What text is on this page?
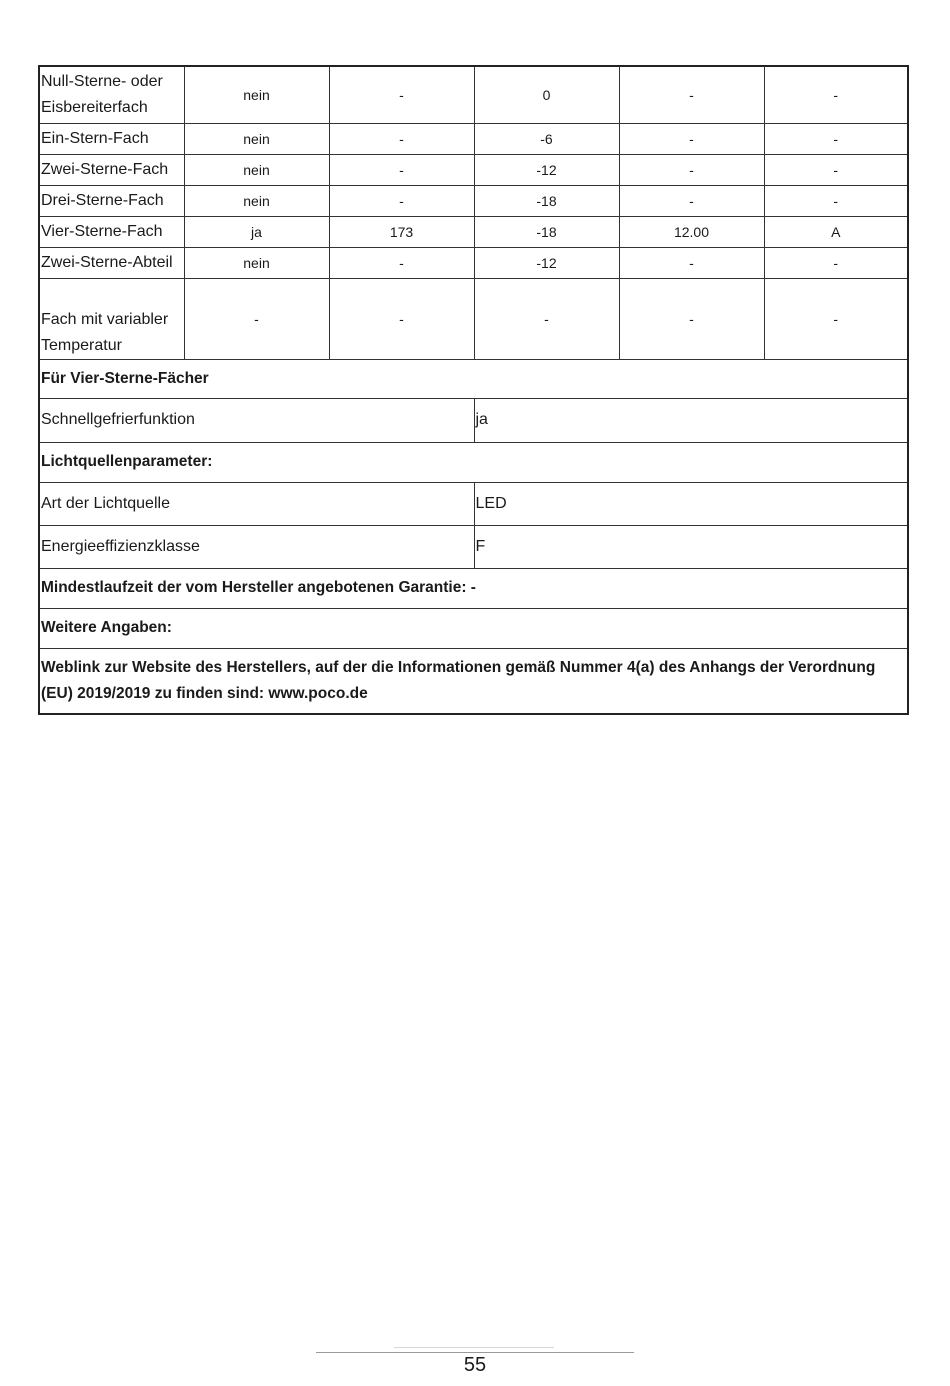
Null-Sterne- oder Eisbereiterfach	nein	-	0	-	-
Ein-Stern-Fach	nein	-	-6	-	-
Zwei-Sterne-Fach	nein	-	-12	-	-
Drei-Sterne-Fach	nein	-	-18	-	-
Vier-Sterne-Fach	ja	173	-18	12.00	A
Zwei-Sterne-Abteil	nein	-	-12	-	-
Fach mit variabler Temperatur	-	-	-	-	-
Für Vier-Sterne-Fächer					
Schnellgefrierfunktion			ja		
Lichtquellenparameter:					
Art der Lichtquelle			LED		
Energieeffizienzklasse			F		
Mindestlaufzeit der vom Hersteller angebotenen Garantie: -					
Weitere Angaben:					
Weblink zur Website des Herstellers, auf der die Informationen gemäß Nummer 4(a) des Anhangs der Verordnung (EU) 2019/2019 zu finden sind: www.poco.de					
55
